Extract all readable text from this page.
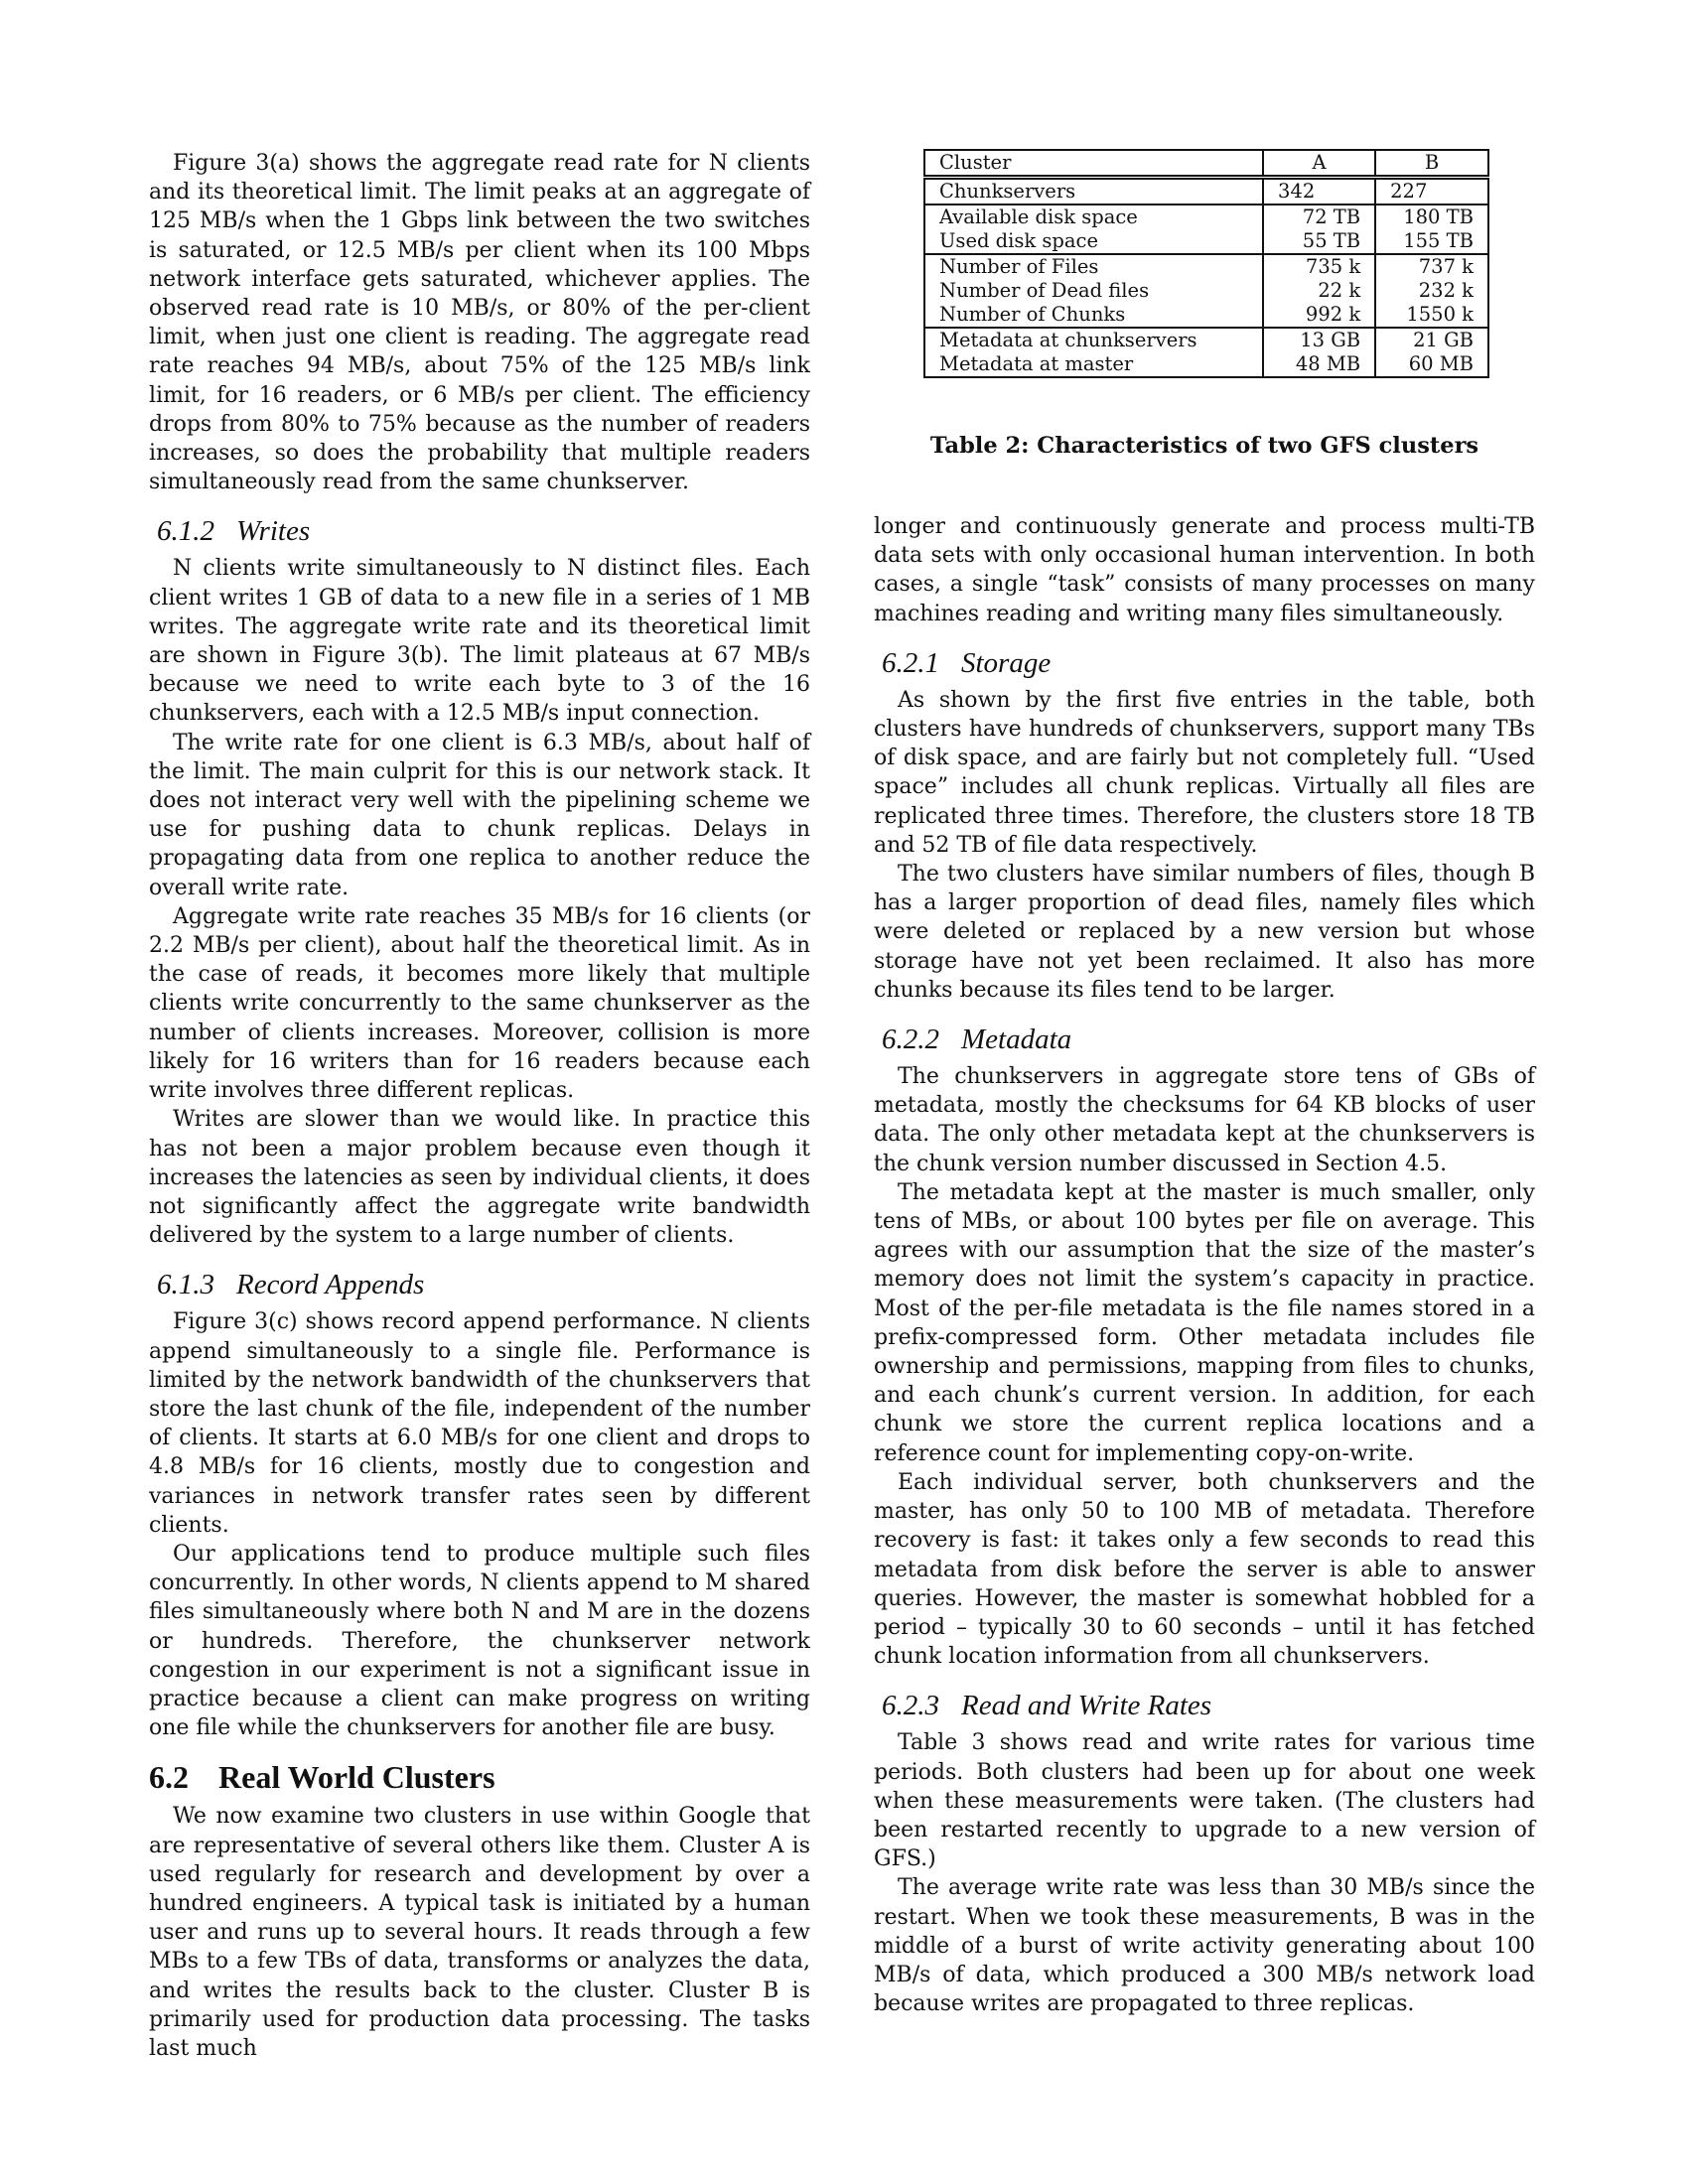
Figure 3(a) shows the aggregate read rate for N clients and its theoretical limit. The limit peaks at an aggregate of 125 MB/s when the 1 Gbps link between the two switches is saturated, or 12.5 MB/s per client when its 100 Mbps network interface gets saturated, whichever applies. The observed read rate is 10 MB/s, or 80% of the per-client limit, when just one client is reading. The aggregate read rate reaches 94 MB/s, about 75% of the 125 MB/s link limit, for 16 readers, or 6 MB/s per client. The efficiency drops from 80% to 75% because as the number of readers increases, so does the probability that multiple readers simultaneously read from the same chunkserver.

6.1.2 Writes

N clients write simultaneously to N distinct files. Each client writes 1 GB of data to a new file in a series of 1 MB writes. The aggregate write rate and its theoretical limit are shown in Figure 3(b). The limit plateaus at 67 MB/s because we need to write each byte to 3 of the 16 chunkservers, each with a 12.5 MB/s input connection.

The write rate for one client is 6.3 MB/s, about half of the limit. The main culprit for this is our network stack. It does not interact very well with the pipelining scheme we use for pushing data to chunk replicas. Delays in propagating data from one replica to another reduce the overall write rate.

Aggregate write rate reaches 35 MB/s for 16 clients (or 2.2 MB/s per client), about half the theoretical limit. As in the case of reads, it becomes more likely that multiple clients write concurrently to the same chunkserver as the number of clients increases. Moreover, collision is more likely for 16 writers than for 16 readers because each write involves three different replicas.

Writes are slower than we would like. In practice this has not been a major problem because even though it increases the latencies as seen by individual clients, it does not significantly affect the aggregate write bandwidth delivered by the system to a large number of clients.

6.1.3 Record Appends

Figure 3(c) shows record append performance. N clients append simultaneously to a single file. Performance is limited by the network bandwidth of the chunkservers that store the last chunk of the file, independent of the number of clients. It starts at 6.0 MB/s for one client and drops to 4.8 MB/s for 16 clients, mostly due to congestion and variances in network transfer rates seen by different clients.

Our applications tend to produce multiple such files concurrently. In other words, N clients append to M shared files simultaneously where both N and M are in the dozens or hundreds. Therefore, the chunkserver network congestion in our experiment is not a significant issue in practice because a client can make progress on writing one file while the chunkservers for another file are busy.

6.2 Real World Clusters

We now examine two clusters in use within Google that are representative of several others like them. Cluster A is used regularly for research and development by over a hundred engineers. A typical task is initiated by a human user and runs up to several hours. It reads through a few MBs to a few TBs of data, transforms or analyzes the data, and writes the results back to the cluster. Cluster B is primarily used for production data processing. The tasks last much

Cluster	A	B
Chunkservers	342	227
Available disk space	72 TB	180 TB
Used disk space	55 TB	155 TB
Number of Files	735 k	737 k
Number of Dead files	22 k	232 k
Number of Chunks	992 k	1550 k
Metadata at chunkservers	13 GB	21 GB
Metadata at master	48 MB	60 MB
Table 2: Characteristics of two GFS clusters

longer and continuously generate and process multi-TB data sets with only occasional human intervention. In both cases, a single “task” consists of many processes on many machines reading and writing many files simultaneously.

6.2.1 Storage

As shown by the first five entries in the table, both clusters have hundreds of chunkservers, support many TBs of disk space, and are fairly but not completely full. “Used space” includes all chunk replicas. Virtually all files are replicated three times. Therefore, the clusters store 18 TB and 52 TB of file data respectively.

The two clusters have similar numbers of files, though B has a larger proportion of dead files, namely files which were deleted or replaced by a new version but whose storage have not yet been reclaimed. It also has more chunks because its files tend to be larger.

6.2.2 Metadata

The chunkservers in aggregate store tens of GBs of metadata, mostly the checksums for 64 KB blocks of user data. The only other metadata kept at the chunkservers is the chunk version number discussed in Section 4.5.

The metadata kept at the master is much smaller, only tens of MBs, or about 100 bytes per file on average. This agrees with our assumption that the size of the master’s memory does not limit the system’s capacity in practice. Most of the per-file metadata is the file names stored in a prefix-compressed form. Other metadata includes file ownership and permissions, mapping from files to chunks, and each chunk’s current version. In addition, for each chunk we store the current replica locations and a reference count for implementing copy-on-write.

Each individual server, both chunkservers and the master, has only 50 to 100 MB of metadata. Therefore recovery is fast: it takes only a few seconds to read this metadata from disk before the server is able to answer queries. However, the master is somewhat hobbled for a period – typically 30 to 60 seconds – until it has fetched chunk location information from all chunkservers.

6.2.3 Read and Write Rates

Table 3 shows read and write rates for various time periods. Both clusters had been up for about one week when these measurements were taken. (The clusters had been restarted recently to upgrade to a new version of GFS.)

The average write rate was less than 30 MB/s since the restart. When we took these measurements, B was in the middle of a burst of write activity generating about 100 MB/s of data, which produced a 300 MB/s network load because writes are propagated to three replicas.
